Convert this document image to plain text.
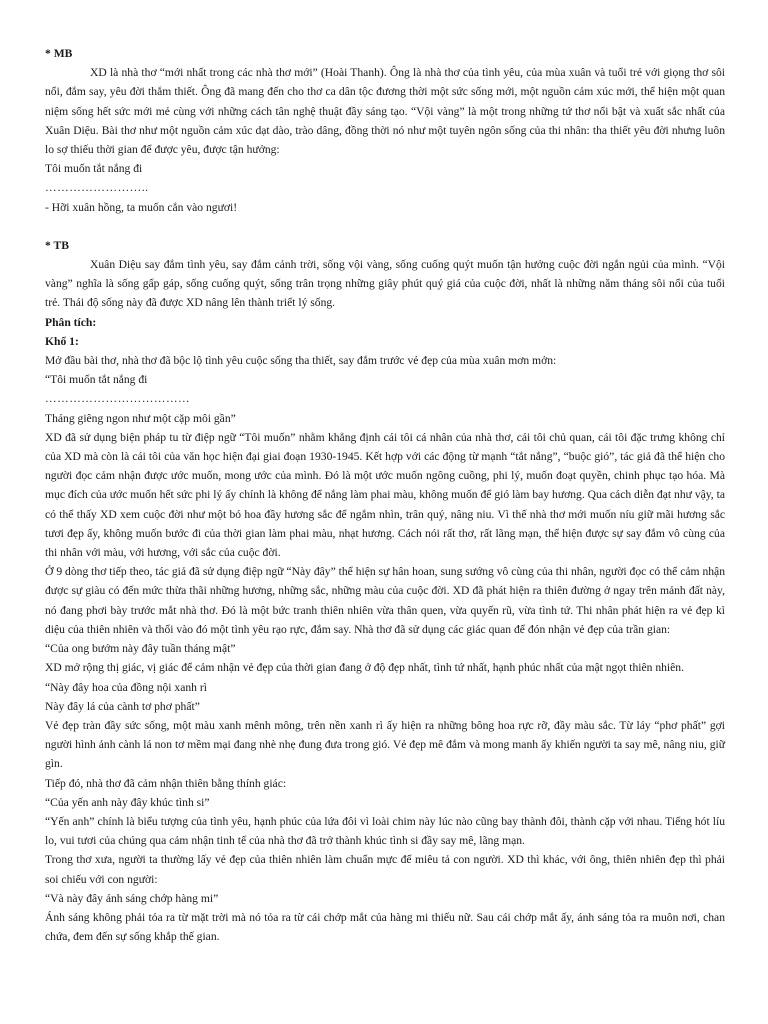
* MB

XD là nhà thơ “mới nhất trong các nhà thơ mới” (Hoài Thanh). Ông là nhà thơ của tình yêu, của mùa xuân và tuổi trẻ với giọng thơ sôi nổi, đắm say, yêu đời thắm thiết. Ông đã mang đến cho thơ ca dân tộc đương thời một sức sống mới, một nguồn cảm xúc mới, thể hiện một quan niệm sống hết sức mới mẻ cùng với những cách tân nghệ thuật đầy sáng tạo. “Vội vàng” là một trong những tứ thơ nổi bật và xuất sắc nhất của Xuân Diệu. Bài thơ như một nguồn cảm xúc dạt dào, trào dâng, đồng thời nó như một tuyên ngôn sống của thi nhân: tha thiết yêu đời nhưng luôn lo sợ thiếu thời gian để được yêu, được tận hưởng:

Tôi muốn tắt nắng đi

……………………..

- Hỡi xuân hồng, ta muốn cắn vào ngươi!

* TB

Xuân Diệu say đắm tình yêu, say đắm cảnh trời, sống vội vàng, sống cuống quýt muốn tận hưởng cuộc đời ngắn ngủi của mình. “Vội vàng” nghĩa là sống gấp gáp, sống cuống quýt, sống trân trọng những giây phút quý giá của cuộc đời, nhất là những năm tháng sôi nổi của tuổi trẻ. Thái độ sống này đã được XD nâng lên thành triết lý sống.

Phân tích:

Khổ 1:

Mở đầu bài thơ, nhà thơ đã bộc lộ tình yêu cuộc sống tha thiết, say đắm trước vẻ đẹp của mùa xuân mơn mởn:

“Tôi muốn tắt nắng đi

………………………………

Tháng giêng ngon như một cặp môi gần”

XD đã sử dụng biện pháp tu từ điệp ngữ “Tôi muốn” nhằm khẳng định cái tôi cá nhân của nhà thơ, cái tôi chủ quan, cái tôi đặc trưng không chỉ của XD mà còn là cái tôi của văn học hiện đại giai đoạn 1930-1945. Kết hợp với các động từ mạnh “tắt nắng”, “buộc gió”, tác giả đã thể hiện cho người đọc cảm nhận được ước muốn, mong ước của mình. Đó là một ước muốn ngông cuồng, phi lý, muốn đoạt quyền, chinh phục tạo hóa. Mà mục đích của ước muốn hết sức phi lý ấy chính là không để nắng làm phai màu, không muốn để gió làm bay hương. Qua cách diễn đạt như vậy, ta có thể thấy XD xem cuộc đời như một bó hoa đầy hương sắc để ngắm nhìn, trân quý, nâng niu. Vì thế nhà thơ mới muốn níu giữ mãi hương sắc tươi đẹp ấy, không muốn bước đi của thời gian làm phai màu, nhạt hương. Cách nói rất thơ, rất lãng mạn, thể hiện được sự say đắm vô cùng của thi nhân với màu, với hương, với sắc của cuộc đời.

Ở 9 dòng thơ tiếp theo, tác giả đã sử dụng điệp ngữ “Này đây” thể hiện sự hân hoan, sung sướng vô cùng của thi nhân, người đọc có thể cảm nhận được sự giàu có đến mức thừa thãi những hương, những sắc, những màu của cuộc đời. XD đã phát hiện ra thiên đường ở ngay trên mảnh đất này, nó đang phơi bày trước mắt nhà thơ. Đó là một bức tranh thiên nhiên vừa thân quen, vừa quyến rũ, vừa tình tứ. Thi nhân phát hiện ra vẻ đẹp kì diệu của thiên nhiên và thổi vào đó một tình yêu rạo rực, đắm say. Nhà thơ đã sử dụng các giác quan để đón nhận vẻ đẹp của trần gian:

“Của ong bướm này đây tuần tháng mật”

XD mở rộng thị giác, vị giác để cảm nhận vẻ đẹp của thời gian đang ở độ đẹp nhất, tình tứ nhất, hạnh phúc nhất của mật ngọt thiên nhiên.

“Này đây hoa của đồng nội xanh rì

Này đây lá của cành tơ phơ phất”

Vẻ đẹp tràn đầy sức sống, một màu xanh mênh mông, trên nền xanh rì ấy hiện ra những bông hoa rực rỡ, đầy màu sắc. Từ láy “phơ phất” gợi người hình ảnh cành lá non tơ mềm mại đang nhè nhẹ đung đưa trong gió. Vẻ đẹp mê đắm và mong manh ấy khiến người ta say mê, nâng niu, giữ gìn.

Tiếp đó, nhà thơ đã cảm nhận thiên bằng thính giác:

“Của yến anh này đây khúc tình si”

“Yến anh” chính là biểu tượng của tình yêu, hạnh phúc của lứa đôi vì loài chim này lúc nào cũng bay thành đôi, thành cặp với nhau. Tiếng hót líu lo, vui tươi của chúng qua cảm nhận tinh tế của nhà thơ đã trở thành khúc tình si đầy say mê, lãng mạn.

Trong thơ xưa, người ta thường lấy vẻ đẹp của thiên nhiên làm chuẩn mực để miêu tả con người. XD thì khác, với ông, thiên nhiên đẹp thì phải soi chiếu với con người:

“Và này đây ánh sáng chớp hàng mi”

Ánh sáng không phải tỏa ra từ mặt trời mà nó tỏa ra từ cái chớp mắt của hàng mi thiếu nữ. Sau cái chớp mắt ấy, ánh sáng tỏa ra muôn nơi, chan chứa, đem đến sự sống khắp thế gian.
